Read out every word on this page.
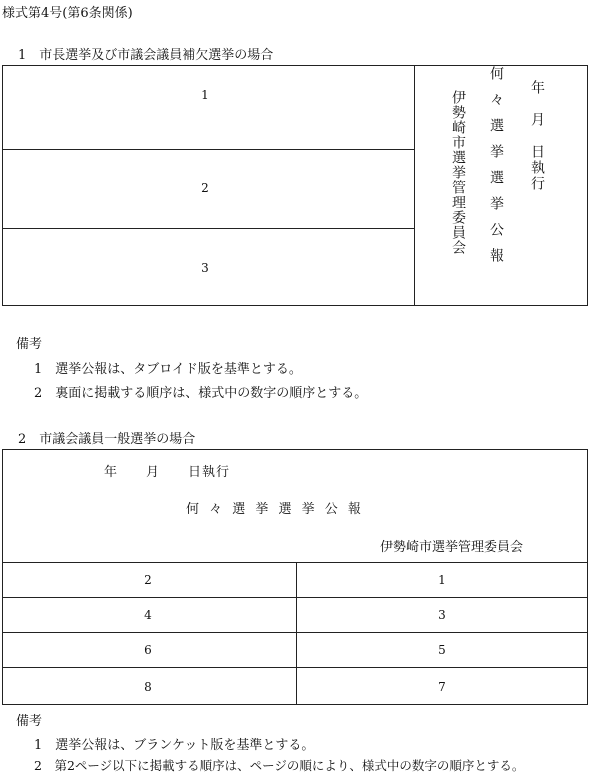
様式第4号(第6条関係)
1　市長選挙及び市議会議員補欠選挙の場合
1
2
3
伊勢崎市選挙管理委員会 何々選挙選挙公報 年　月　日執行
備考
1　選挙公報は、タブロイド版を基準とする。
2　裏面に掲載する順序は、様式中の数字の順序とする。
2　市議会議員一般選挙の場合
年　　月　　日執行
何 々 選 挙 選 挙 公 報
伊勢崎市選挙管理委員会
2	1
4	3
6	5
8	7
備考
1　選挙公報は、ブランケット版を基準とする。
2　第2ページ以下に掲載する順序は、ページの順により、様式中の数字の順序とする。
